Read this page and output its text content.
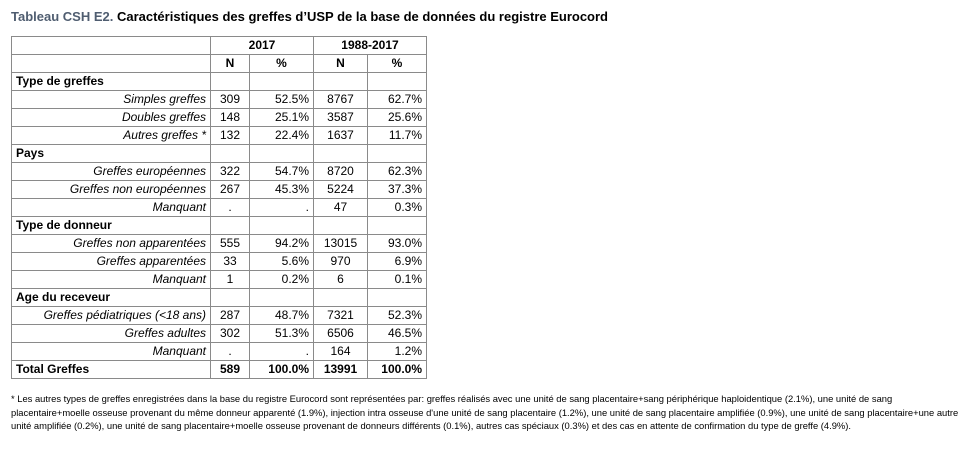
Tableau CSH E2. Caractéristiques des greffes d’USP de la base de données du registre Eurocord
	2017		1988-2017	
	N	%	N	%
Type de greffes				
Simples greffes	309	52.5%	8767	62.7%
Doubles greffes	148	25.1%	3587	25.6%
Autres greffes *	132	22.4%	1637	11.7%
Pays				
Greffes européennes	322	54.7%	8720	62.3%
Greffes non européennes	267	45.3%	5224	37.3%
Manquant	.	.	47	0.3%
Type de donneur				
Greffes non apparentées	555	94.2%	13015	93.0%
Greffes apparentées	33	5.6%	970	6.9%
Manquant	1	0.2%	6	0.1%
Age du receveur				
Greffes pédiatriques (<18 ans)	287	48.7%	7321	52.3%
Greffes adultes	302	51.3%	6506	46.5%
Manquant	.	.	164	1.2%
Total Greffes	589	100.0%	13991	100.0%
* Les autres types de greffes enregistrées dans la base du registre Eurocord sont représentées par: greffes réalisés avec une unité de sang placentaire+sang périphérique haploidentique (2.1%), une unité de sang placentaire+moelle osseuse provenant du même donneur apparenté (1.9%), injection intra osseuse d'une unité de sang placentaire (1.2%), une unité de sang placentaire amplifiée (0.9%), une unité de sang placentaire+une autre unité amplifiée (0.2%), une unité de sang placentaire+moelle osseuse provenant de donneurs différents (0.1%), autres cas spéciaux (0.3%) et des cas en attente de confirmation du type de greffe (4.9%).
